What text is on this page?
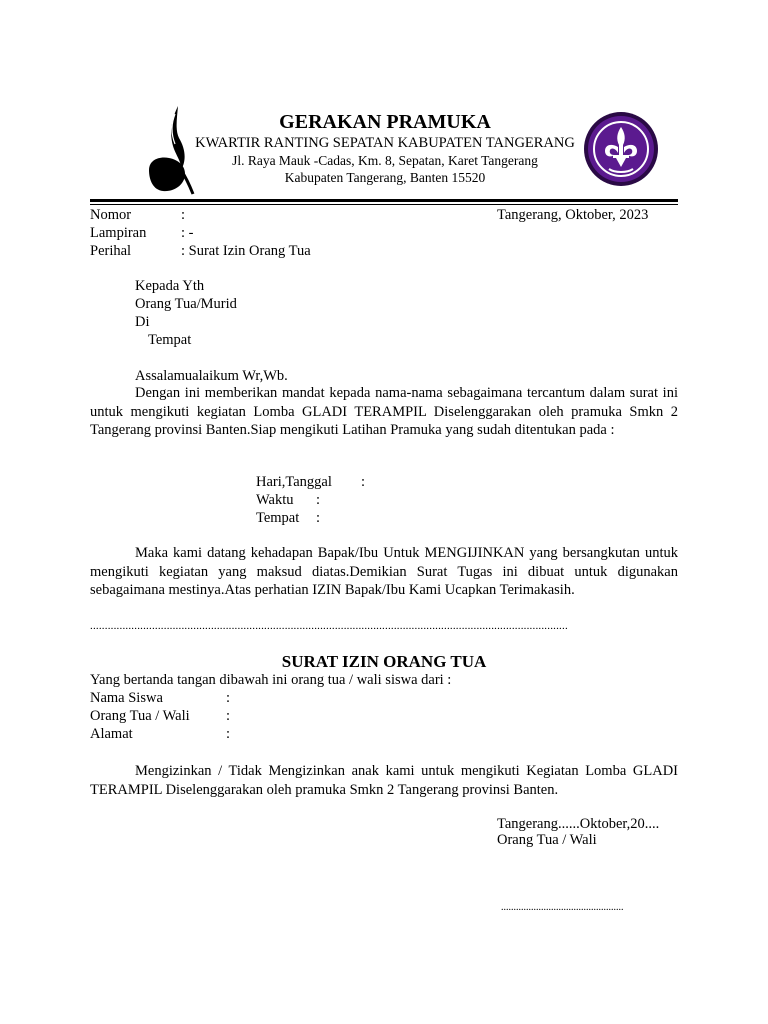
GERAKAN PRAMUKA
KWARTIR RANTING SEPATAN KABUPATEN TANGERANG
Jl. Raya Mauk -Cadas, Km. 8, Sepatan, Karet Tangerang
Kabupaten Tangerang, Banten 15520
Nomor	:	Tangerang, Oktober, 2023
Lampiran : -
Perihal	: Surat Izin Orang Tua
Kepada Yth
Orang Tua/Murid
Di
Tempat
Assalamualaikum Wr,Wb.
Dengan ini memberikan mandat kepada nama-nama sebagaimana tercantum dalam surat ini untuk mengikuti kegiatan Lomba GLADI TERAMPIL Diselenggarakan oleh pramuka Smkn 2 Tangerang provinsi Banten.Siap mengikuti Latihan Pramuka yang sudah ditentukan pada :
Hari,Tanggal :
Waktu :
Tempat :
Maka kami datang kehadapan Bapak/Ibu Untuk MENGIJINKAN yang bersangkutan untuk mengikuti kegiatan yang maksud diatas.Demikian Surat Tugas ini dibuat untuk digunakan sebagaimana mestinya.Atas perhatian IZIN Bapak/Ibu Kami Ucapkan Terimakasih.
..................................................................................................................................................................
SURAT IZIN ORANG TUA
Yang bertanda tangan dibawah ini orang tua / wali siswa dari :
Nama Siswa	:
Orang Tua / Wali	:
Alamat	:
Mengizinkan / Tidak Mengizinkan anak kami untuk mengikuti Kegiatan Lomba GLADI TERAMPIL Diselenggarakan oleh pramuka Smkn 2 Tangerang provinsi Banten.
Tangerang......Oktober,20....
Orang Tua / Wali
.................................................
